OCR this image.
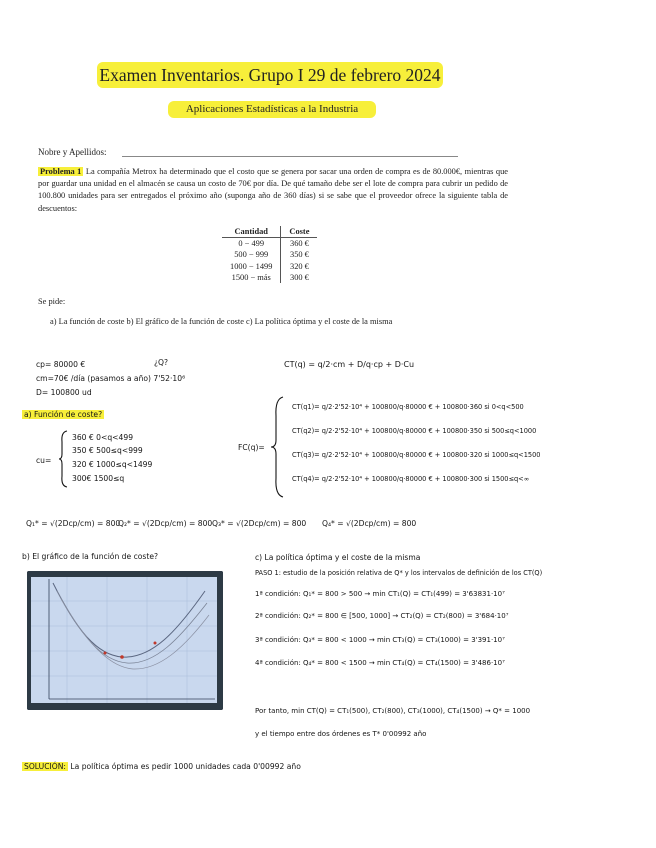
Examen Inventarios. Grupo I 29 de febrero 2024
Aplicaciones Estadísticas a la Industria
Nobre y Apellidos:
Problema 1 La compañía Metrox ha determinado que el costo que se genera por sacar una orden de compra es de 80.000€, mientras que por guardar una unidad en el almacén se causa un costo de 70€ por día. De qué tamaño debe ser el lote de compra para cubrir un pedido de 100.800 unidades para ser entregados el próximo año (suponga año de 360 días) si se sabe que el proveedor ofrece la siguiente tabla de descuentos:
Cantidad	Coste
0 − 499	360 €
500 − 999	350 €
1000 − 1499	320 €
1500 − más	300 €
Se pide:
a) La función de coste b) El gráfico de la función de coste c) La política óptima y el coste de la misma
cp= 80000 €
cm=70€ /día (pasamos a año) 7'52·10⁶
D= 100800 ud
¿Q?	CT(q) = q/2·cm + D/q·cp + D·Cu
a) Función de coste?
cu=
360 € 0<q<499
350 € 500≤q<999
320 € 1000≤q<1499
300€ 1500≤q
FC(q)=
CT(q1)= q/2·2'52·10⁴ + 100800/q·80000 € + 100800·360 si 0<q<500
CT(q2)= q/2·2'52·10⁴ + 100800/q·80000 € + 100800·350 si 500≤q<1000
CT(q3)= q/2·2'52·10⁴ + 100800/q·80000 € + 100800·320 si 1000≤q<1500
CT(q4)= q/2·2'52·10⁴ + 100800/q·80000 € + 100800·300 si 1500≤q<∞
Q₁* = √(2Dcp/cm) = 800
Q₂* = √(2Dcp/cm) = 800 Q₃* = √(2Dcp/cm) = 800 Q₄* = √(2Dcp/cm) = 800
b) El gráfico de la función de coste?	c) La política óptima y el coste de la misma
PASO 1: estudio de la posición relativa de Q* y los intervalos de definición de los CT(Q)
1ª condición: Q₁* = 800 > 500 → min CT₁(Q) = CT₁(499) = 3'63831·10⁷
2ª condición: Q₂* = 800 ∈ [500, 1000] → CT₂(Q) = CT₂(800) = 3'684·10⁷
3ª condición: Q₃* = 800 < 1000 → min CT₃(Q) = CT₃(1000) = 3'391·10⁷
4ª condición: Q₄* = 800 < 1500 → min CT₄(Q) = CT₄(1500) = 3'486·10⁷
Por tanto, min CT(Q) = CT₁(500), CT₂(800), CT₃(1000), CT₄(1500) → Q* = 1000
y el tiempo entre dos órdenes es T* 0'00992 año
SOLUCIÓN: La política óptima es pedir 1000 unidades cada 0'00992 año
